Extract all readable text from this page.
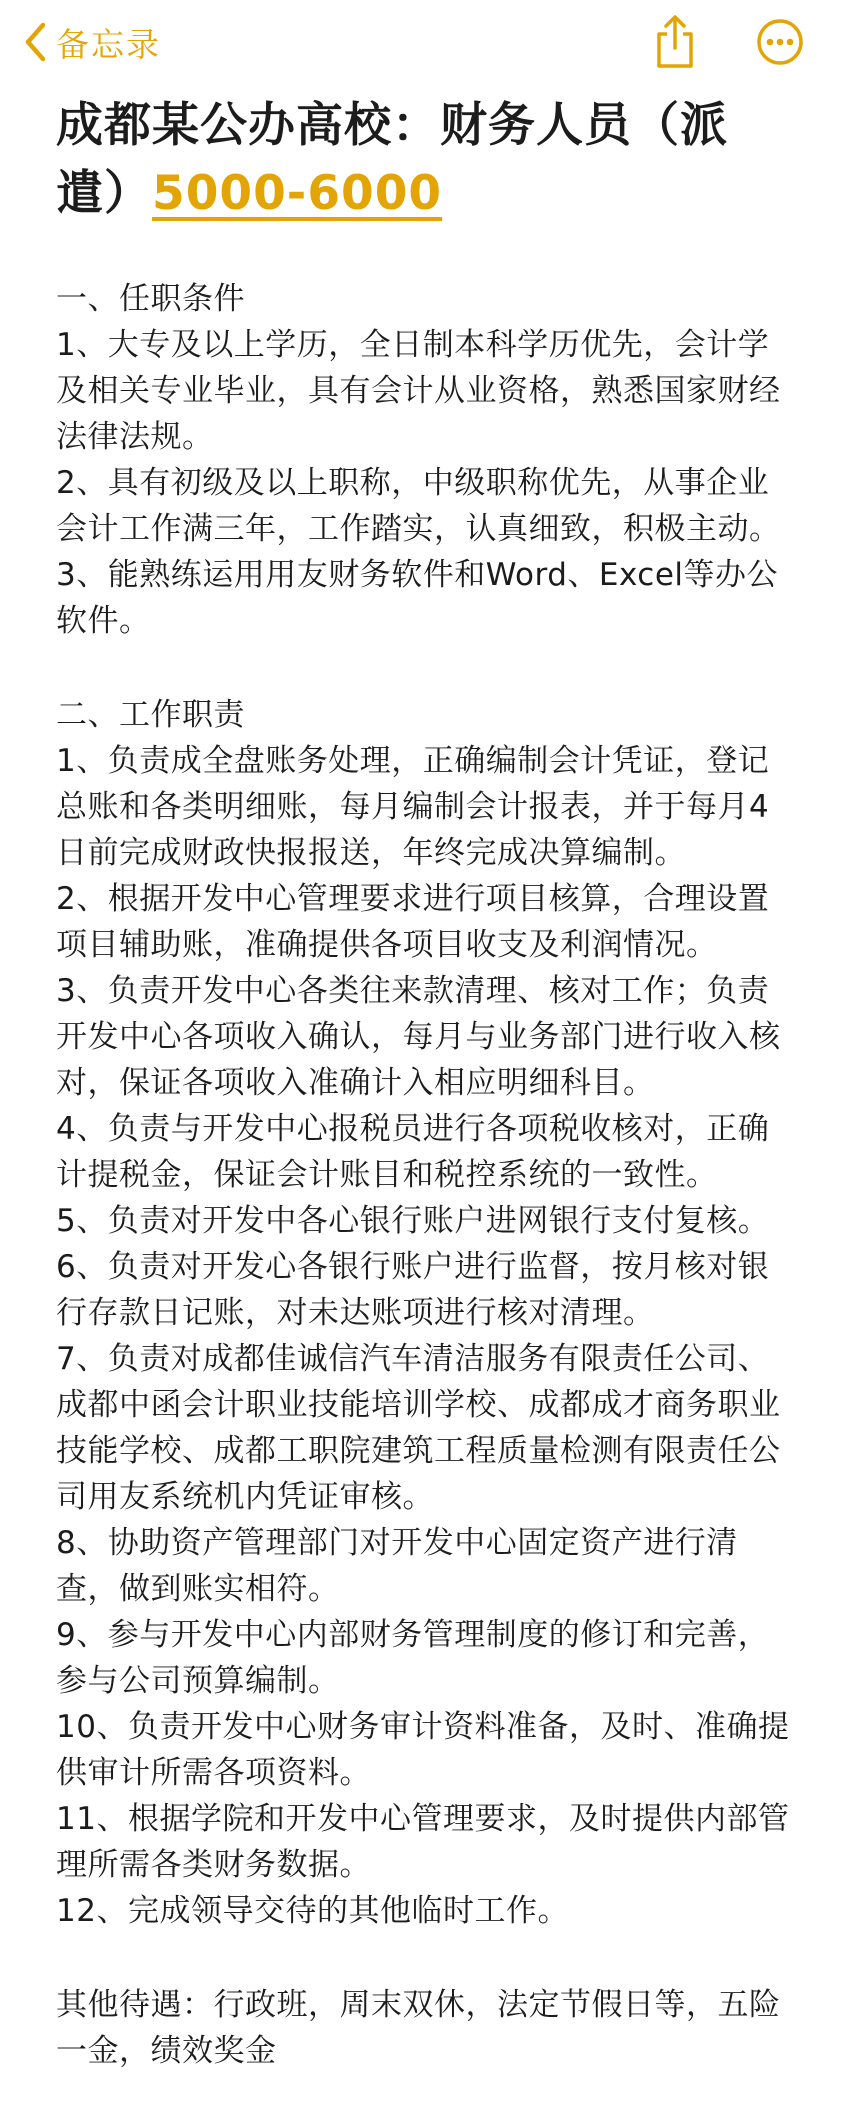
备忘录
成都某公办高校：财务人员（派遣）5000-6000

一、任职条件

1、大专及以上学历，全日制本科学历优先，会计学及相关专业毕业，具有会计从业资格，熟悉国家财经法律法规。

2、具有初级及以上职称，中级职称优先，从事企业会计工作满三年，工作踏实，认真细致，积极主动。

3、能熟练运用用友财务软件和Word、Excel等办公软件。

二、工作职责

1、负责成全盘账务处理，正确编制会计凭证，登记总账和各类明细账，每月编制会计报表，并于每月4日前完成财政快报报送，年终完成决算编制。

2、根据开发中心管理要求进行项目核算，合理设置项目辅助账，准确提供各项目收支及利润情况。

3、负责开发中心各类往来款清理、核对工作；负责开发中心各项收入确认，每月与业务部门进行收入核对，保证各项收入准确计入相应明细科目。

4、负责与开发中心报税员进行各项税收核对，正确计提税金，保证会计账目和税控系统的一致性。

5、负责对开发中各心银行账户进网银行支付复核。

6、负责对开发心各银行账户进行监督，按月核对银行存款日记账，对未达账项进行核对清理。

7、负责对成都佳诚信汽车清洁服务有限责任公司、成都中函会计职业技能培训学校、成都成才商务职业技能学校、成都工职院建筑工程质量检测有限责任公司用友系统机内凭证审核。

8、协助资产管理部门对开发中心固定资产进行清查，做到账实相符。

9、参与开发中心内部财务管理制度的修订和完善，参与公司预算编制。

10、负责开发中心财务审计资料准备，及时、准确提供审计所需各项资料。

11、根据学院和开发中心管理要求，及时提供内部管理所需各类财务数据。

12、完成领导交待的其他临时工作。

其他待遇：行政班，周末双休，法定节假日等，五险一金，绩效奖金
